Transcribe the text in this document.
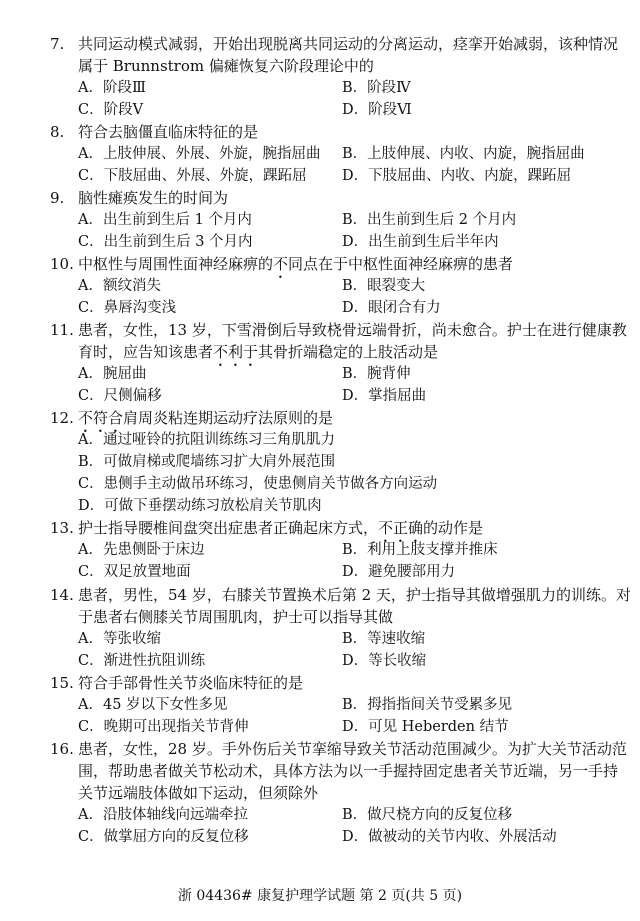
7. 共同运动模式减弱，开始出现脱离共同运动的分离运动，痉挛开始减弱，该种情况
属于 Brunnstrom 偏瘫恢复六阶段理论中的
A．阶段Ⅲ	B．阶段Ⅳ
C．阶段Ⅴ	D．阶段Ⅵ
8. 符合去脑僵直临床特征的是
A．上肢伸展、外展、外旋，腕指屈曲 B．上肢伸展、内收、内旋，腕指屈曲
C．下肢屈曲、外展、外旋，踝跖屈 D．下肢屈曲、内收、内旋，踝跖屈
9. 脑性瘫痪发生的时间为
A．出生前到生后 1 个月内	B．出生前到生后 2 个月内
C．出生前到生后 3 个月内	D．出生前到生后半年内
10. 中枢性与周围性面神经麻痹的不同点在于中枢性面神经麻痹的患者
A．额纹消失	B．眼裂变大
C．鼻唇沟变浅	D．眼闭合有力
11. 患者，女性，13 岁，下雪滑倒后导致桡骨远端骨折，尚未愈合。护士在进行健康教
育时，应告知该患者不利于其骨折端稳定的上肢活动是
A．腕屈曲	B．腕背伸
C．尺侧偏移	D．掌指屈曲
12. 不符合肩周炎粘连期运动疗法原则的是
A．通过哑铃的抗阻训练练习三角肌肌力
B．可做肩梯或爬墙练习扩大肩外展范围
C．患侧手主动做吊环练习，使患侧肩关节做各方向运动
D．可做下垂摆动练习放松肩关节肌肉
13. 护士指导腰椎间盘突出症患者正确起床方式，不正确的动作是
A．先患侧卧于床边	B．利用上肢支撑并推床
C．双足放置地面	D．避免腰部用力
14. 患者，男性，54 岁，右膝关节置换术后第 2 天，护士指导其做增强肌力的训练。对
于患者右侧膝关节周围肌肉，护士可以指导其做
A．等张收缩	B．等速收缩
C．渐进性抗阻训练	D．等长收缩
15. 符合手部骨性关节炎临床特征的是
A．45 岁以下女性多见	B．拇指指间关节受累多见
C．晚期可出现指关节背伸	D．可见 Heberden 结节
16. 患者，女性，28 岁。手外伤后关节挛缩导致关节活动范围减少。为扩大关节活动范
围，帮助患者做关节松动术，具体方法为以一手握持固定患者关节近端，另一手持
关节远端肢体做如下运动，但须除外
A．沿肢体轴线向远端牵拉	B．做尺桡方向的反复位移
C．做掌屈方向的反复位移	D．做被动的关节内收、外展活动
浙 04436# 康复护理学试题 第 2 页(共 5 页)
